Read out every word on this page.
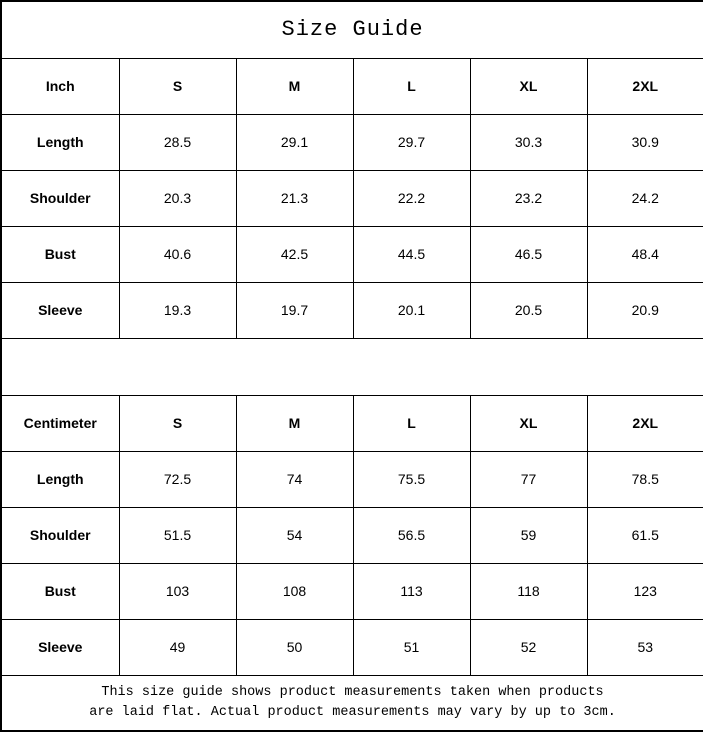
Size Guide					
Inch	S	M	L	XL	2XL
Length	28.5	29.1	29.7	30.3	30.9
Shoulder	20.3	21.3	22.2	23.2	24.2
Bust	40.6	42.5	44.5	46.5	48.4
Sleeve	19.3	19.7	20.1	20.5	20.9

Centimeter	S	M	L	XL	2XL
Length	72.5	74	75.5	77	78.5
Shoulder	51.5	54	56.5	59	61.5
Bust	103	108	113	118	123
Sleeve	49	50	51	52	53

This size guide shows product measurements taken when products
are laid flat. Actual product measurements may vary by up to 3cm.					
